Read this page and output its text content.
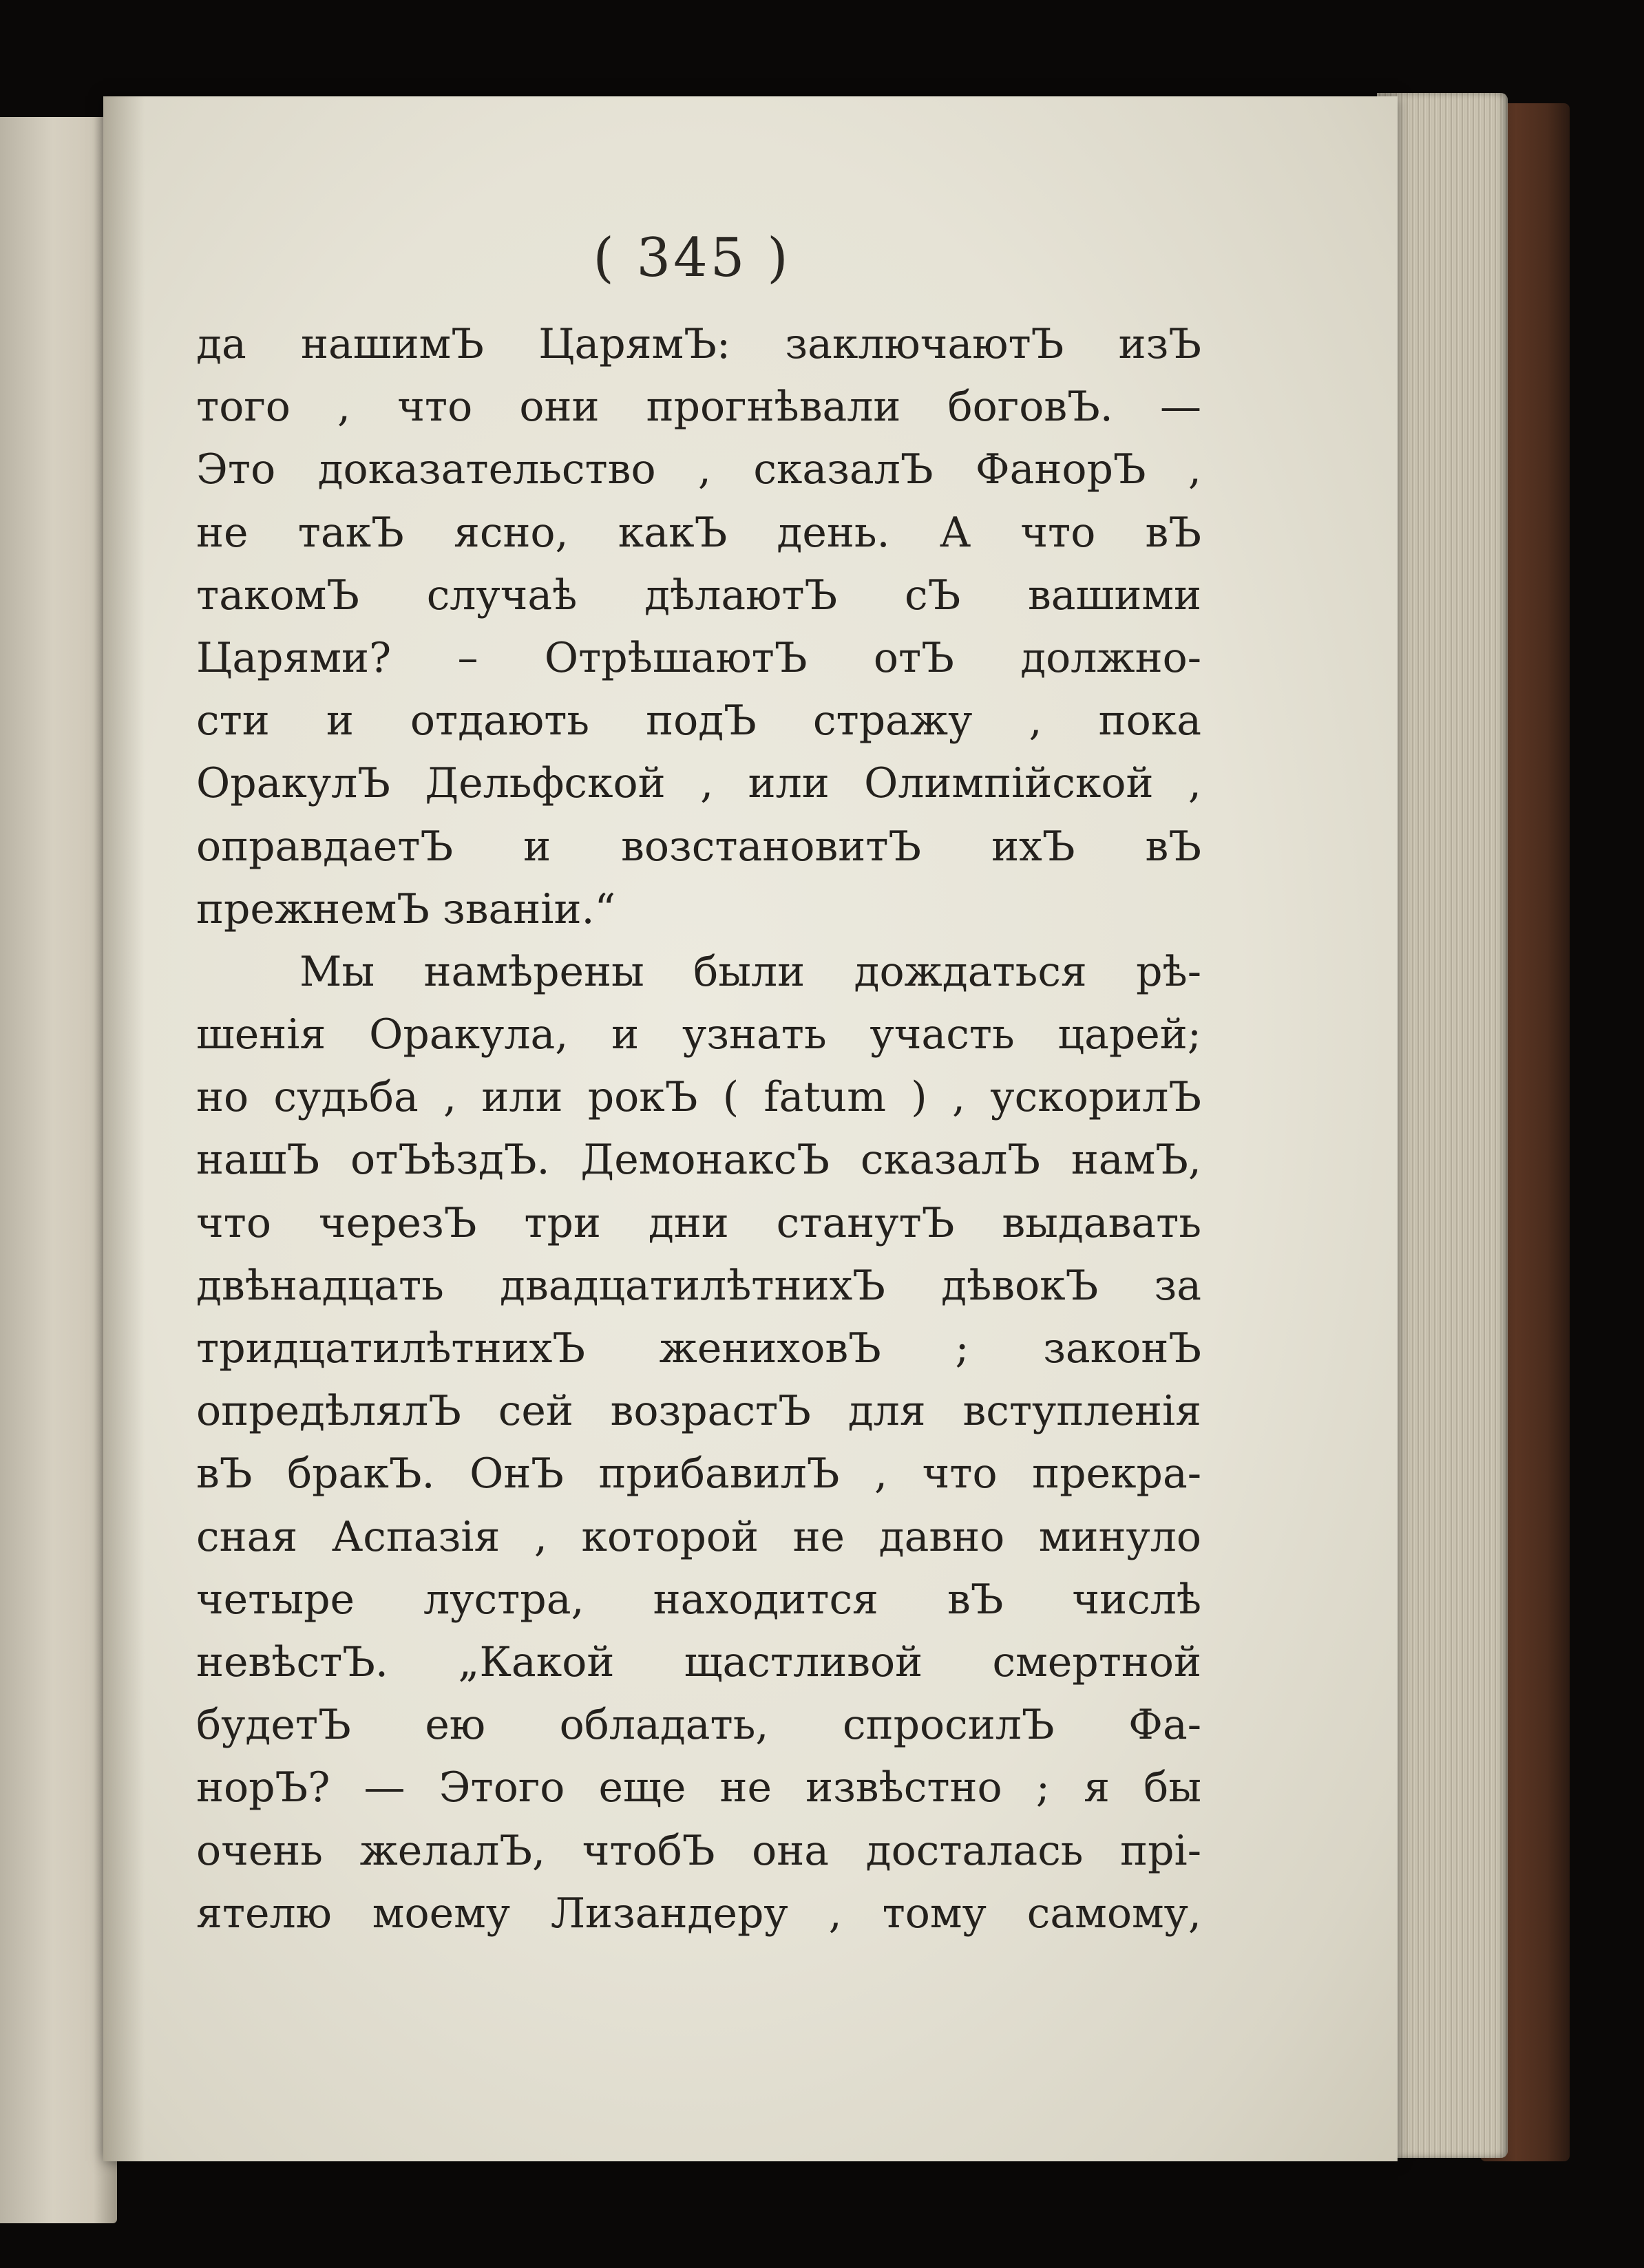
( 345 )
да нашимЪ ЦарямЪ: заключаютЪ изЪ
того , что они прогнѣвали боговЪ. —
Это доказательство , сказалЪ ФанорЪ ,
не такЪ ясно, какЪ день. А что вЪ
такомЪ случаѣ дѣлаютЪ сЪ вашими
Царями? – ОтрѣшаютЪ отЪ должно-
сти и отдають подЪ стражу , пока
ОракулЪ Дельфской , или Олимпійской ,
оправдаетЪ и возстановитЪ ихЪ вЪ
прежнемЪ званіи.“
Мы намѣрены были дождаться рѣ-
шенія Оракула, и узнать участь царей;
но судьба , или рокЪ ( fatum ) , ускорилЪ
нашЪ отЪѣздЪ. ДемонаксЪ сказалЪ намЪ,
что черезЪ три дни станутЪ выдавать
двѣнадцать двадцатилѣтнихЪ дѣвокЪ за
тридцатилѣтнихЪ жениховЪ ; законЪ
опредѣлялЪ сей возрастЪ для вступленія
вЪ бракЪ. ОнЪ прибавилЪ , что прекра-
сная Аспазія , которой не давно минуло
четыре луcтра, находится вЪ числѣ
невѣстЪ. „Какой щастливой смертной
будетЪ ею обладать, спросилЪ Фа-
норЪ? — Этого еще не извѣстно ; я бы
очень желалЪ, чтобЪ она досталась прі-
ятелю моему Лизандеру , тому самому,
